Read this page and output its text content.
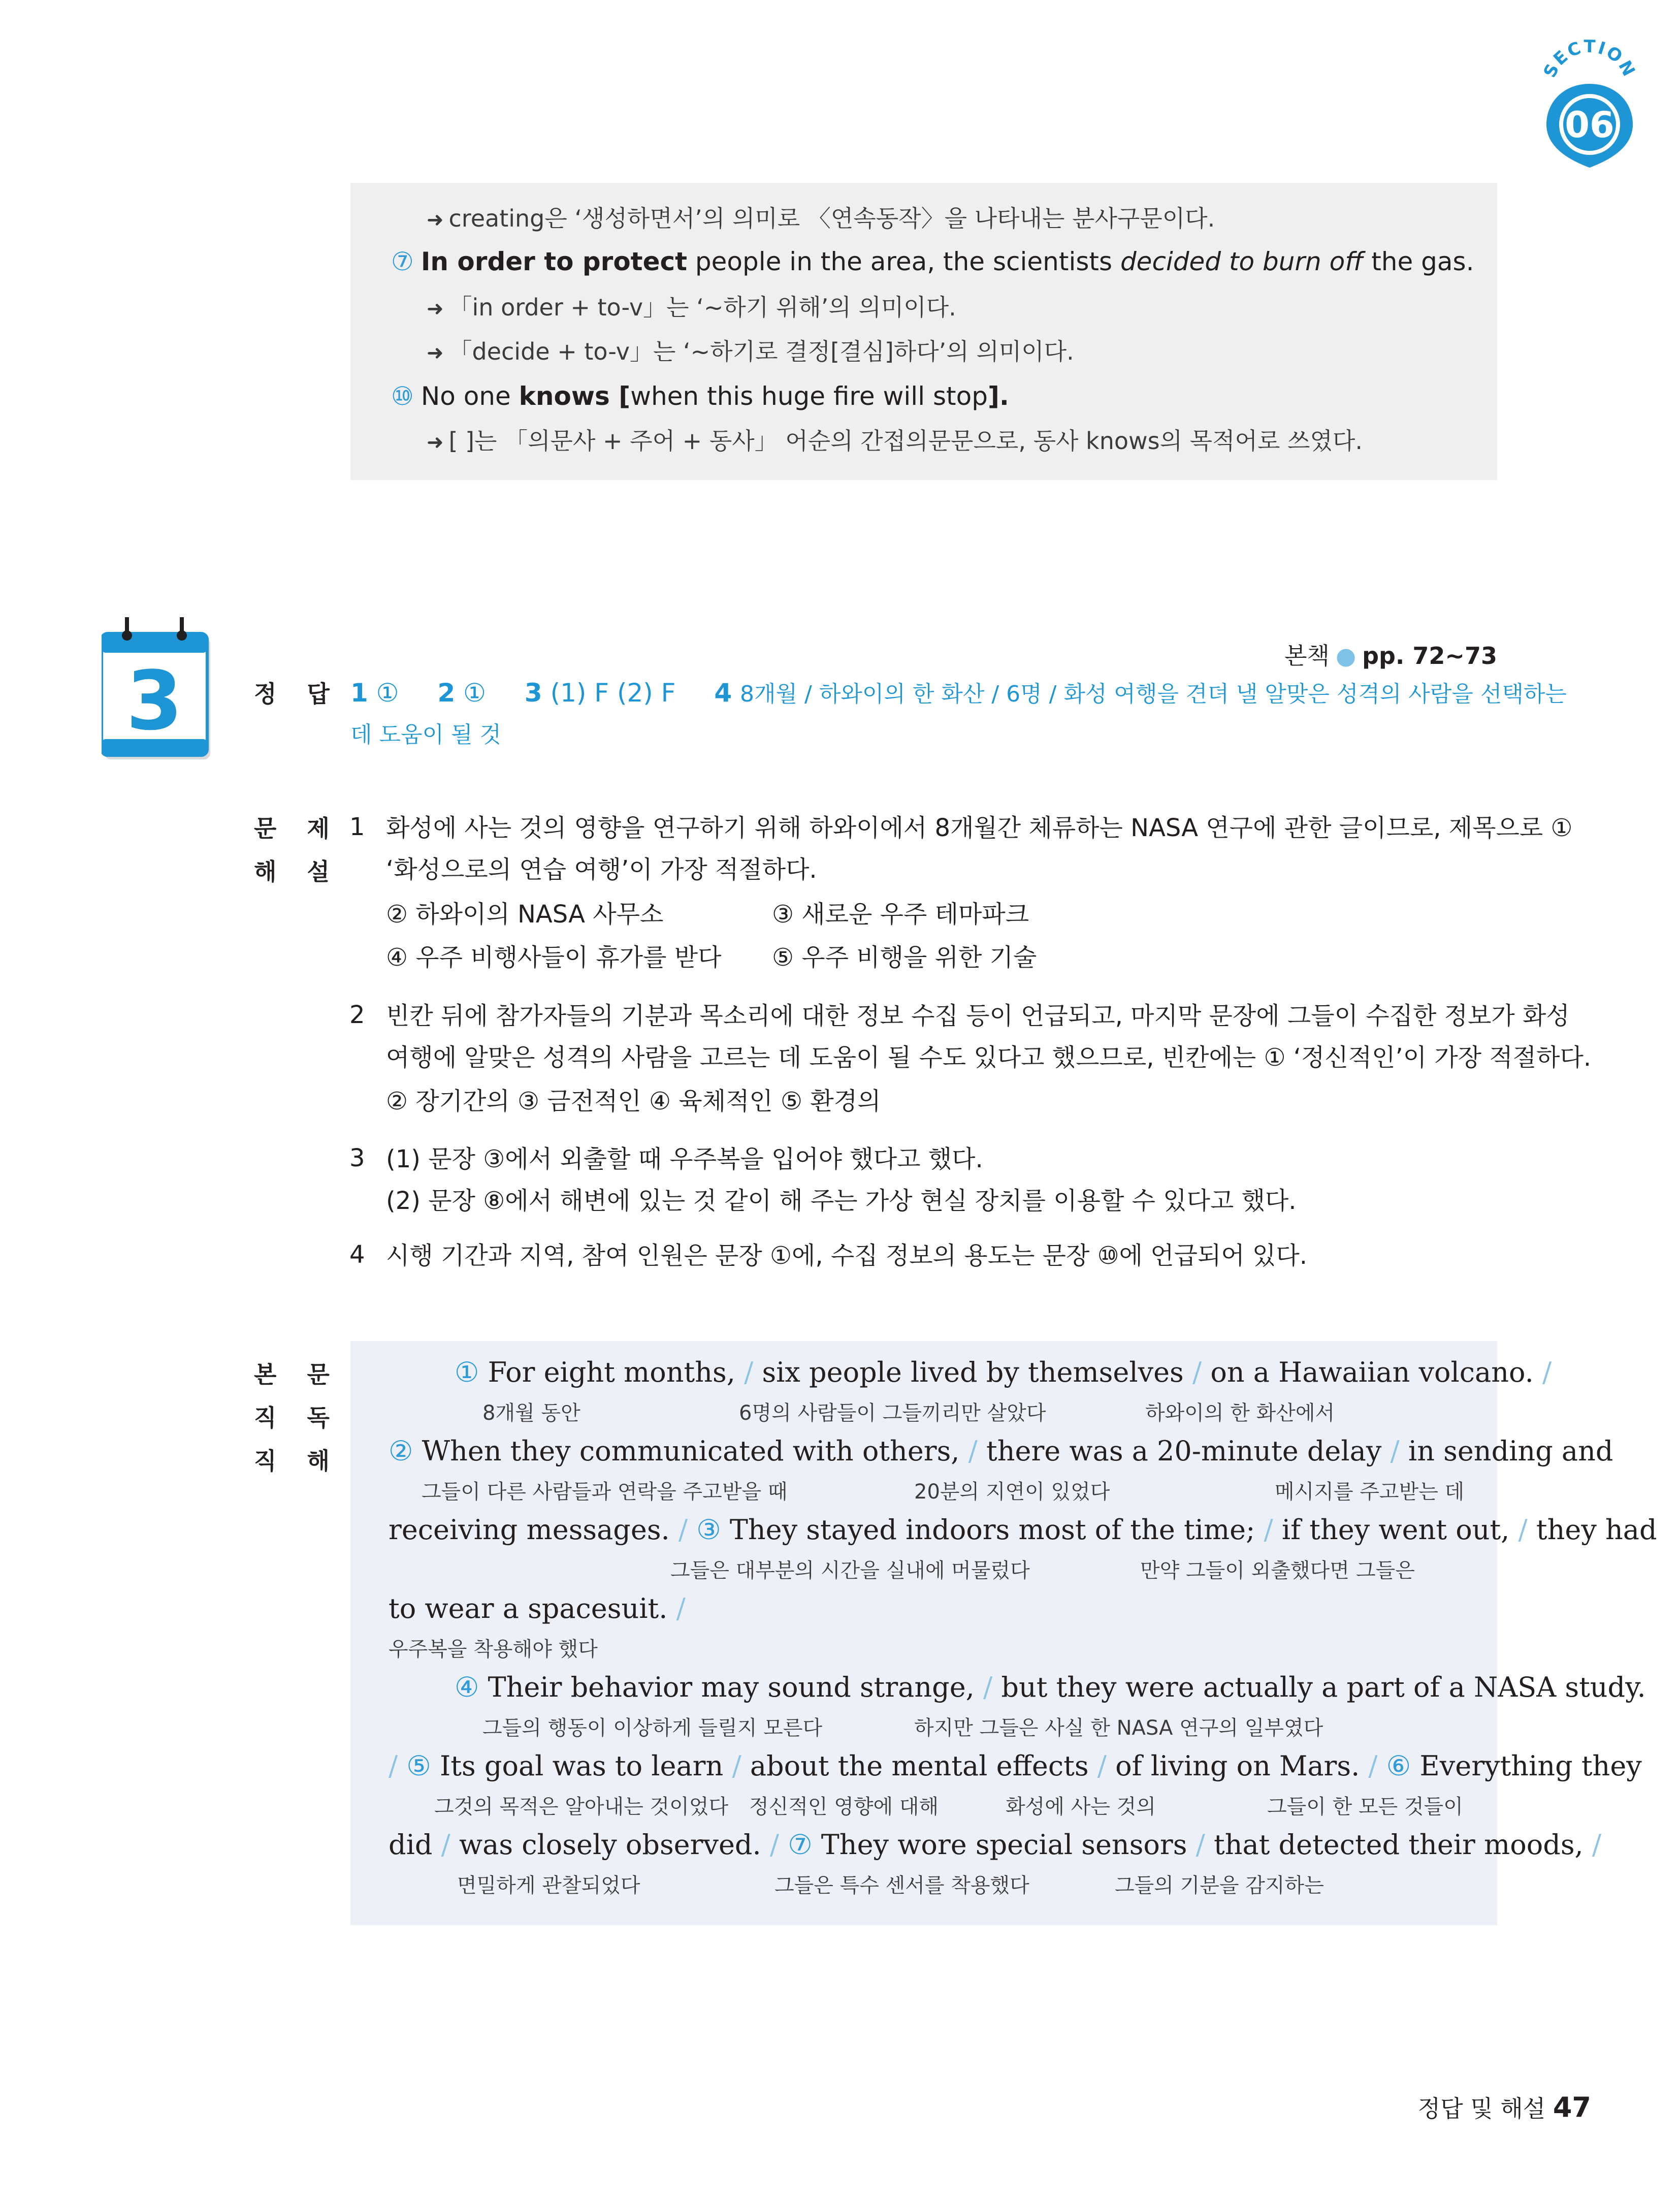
SECTION
06
➜ creating은 ‘생성하면서’의 의미로 〈연속동작〉을 나타내는 분사구문이다.
⑦ In order to protect people in the area, the scientists decided to burn off the gas.
➜ 「in order + to-v」는 ‘~하기 위해’의 의미이다.
➜ 「decide + to-v」는 ‘~하기로 결정[결심]하다’의 의미이다.
⑩ No one knows [when this huge fire will stop].
➜ [ ]는 「의문사 + 주어 + 동사」 어순의 간접의문문으로, 동사 knows의 목적어로 쓰였다.
3	본책 ● pp. 72~73
정 답 1 ① 2 ① 3 (1) F (2) F 4 8개월 / 하와이의 한 화산 / 6명 / 화성 여행을 견뎌 낼 알맞은 성격의 사람을 선택하는
데 도움이 될 것
문 제
해 설
1 화성에 사는 것의 영향을 연구하기 위해 하와이에서 8개월간 체류하는 NASA 연구에 관한 글이므로, 제목으로 ①
‘화성으로의 연습 여행’이 가장 적절하다.
② 하와이의 NASA 사무소	③ 새로운 우주 테마파크
④ 우주 비행사들이 휴가를 받다 ⑤ 우주 비행을 위한 기술
2 빈칸 뒤에 참가자들의 기분과 목소리에 대한 정보 수집 등이 언급되고, 마지막 문장에 그들이 수집한 정보가 화성
여행에 알맞은 성격의 사람을 고르는 데 도움이 될 수도 있다고 했으므로, 빈칸에는 ① ‘정신적인’이 가장 적절하다.
② 장기간의 ③ 금전적인 ④ 육체적인 ⑤ 환경의
3 (1) 문장 ③에서 외출할 때 우주복을 입어야 했다고 했다.
(2) 문장 ⑧에서 해변에 있는 것 같이 해 주는 가상 현실 장치를 이용할 수 있다고 했다.
4 시행 기간과 지역, 참여 인원은 문장 ①에, 수집 정보의 용도는 문장 ⑩에 언급되어 있다.
본 문
직 독
직 해
① For eight months, / six people lived by themselves / on a Hawaiian volcano. /
8개월 동안	6명의 사람들이 그들끼리만 살았다	하와이의 한 화산에서
② When they communicated with others, / there was a 20-minute delay / in sending and
그들이 다른 사람들과 연락을 주고받을 때	20분의 지연이 있었다	메시지를 주고받는 데
receiving messages. / ③ They stayed indoors most of the time; / if they went out, / they had
그들은 대부분의 시간을 실내에 머물렀다	만약 그들이 외출했다면 그들은
to wear a spacesuit. /
우주복을 착용해야 했다
④ Their behavior may sound strange, / but they were actually a part of a NASA study.
그들의 행동이 이상하게 들릴지 모른다	하지만 그들은 사실 한 NASA 연구의 일부였다
/ ⑤ Its goal was to learn / about the mental effects / of living on Mars. / ⑥ Everything they
그것의 목적은 알아내는 것이었다 정신적인 영향에 대해	화성에 사는 것의	그들이 한 모든 것들이
did / was closely observed. / ⑦ They wore special sensors / that detected their moods, /
면밀하게 관찰되었다	그들은 특수 센서를 착용했다	그들의 기분을 감지하는
정답 및 해설 47
